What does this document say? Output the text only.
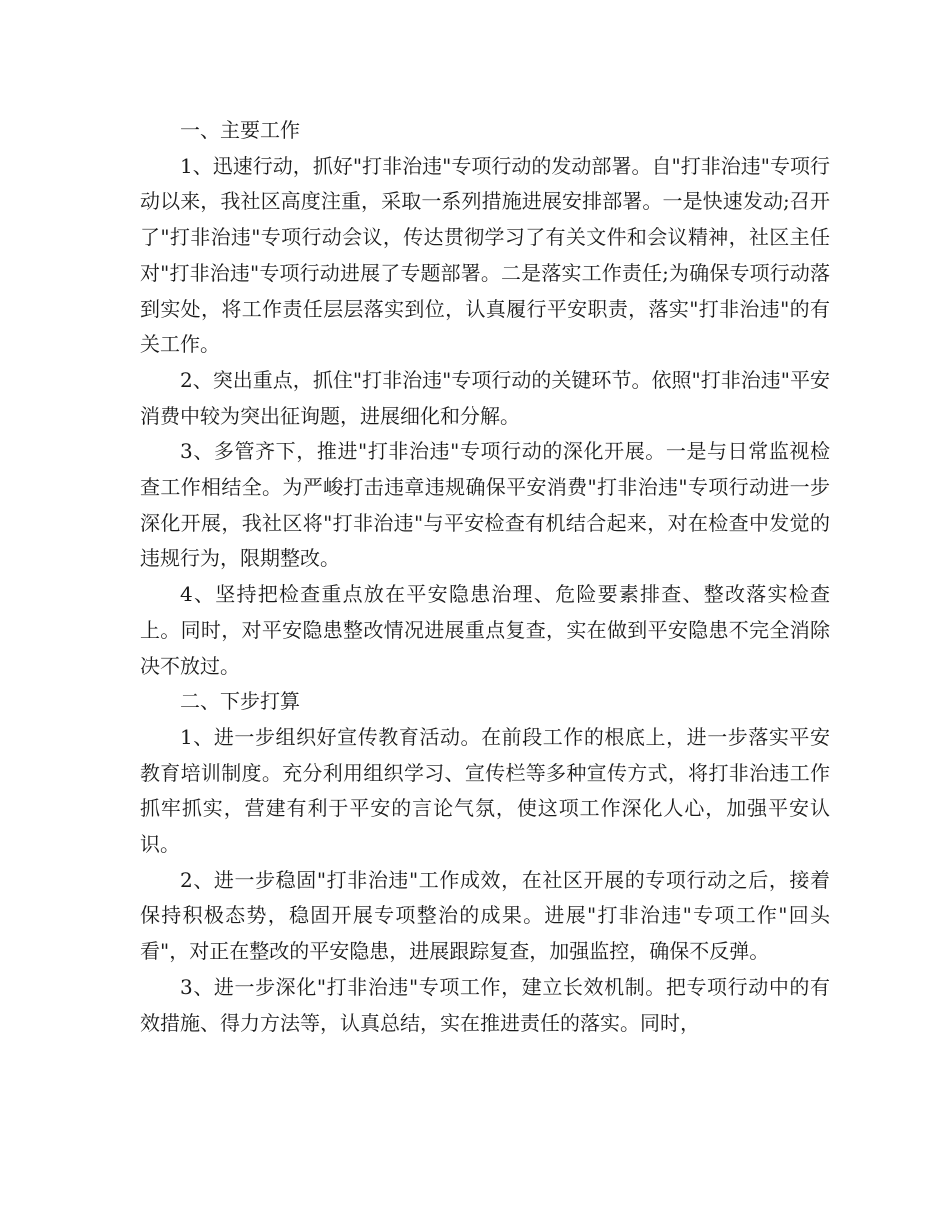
一、主要工作

1、迅速行动，抓好"打非治违"专项行动的发动部署。自"打非治违"专项行动以来，我社区高度注重，采取一系列措施进展安排部署。一是快速发动;召开了"打非治违"专项行动会议，传达贯彻学习了有关文件和会议精神，社区主任对"打非治违"专项行动进展了专题部署。二是落实工作责任;为确保专项行动落到实处，将工作责任层层落实到位，认真履行平安职责，落实"打非治违"的有关工作。

2、突出重点，抓住"打非治违"专项行动的关键环节。依照"打非治违"平安消费中较为突出征询题，进展细化和分解。

3、多管齐下，推进"打非治违"专项行动的深化开展。一是与日常监视检查工作相结全。为严峻打击违章违规确保平安消费"打非治违"专项行动进一步深化开展，我社区将"打非治违"与平安检查有机结合起来，对在检查中发觉的违规行为，限期整改。

4、坚持把检查重点放在平安隐患治理、危险要素排查、整改落实检查上。同时，对平安隐患整改情况进展重点复查，实在做到平安隐患不完全消除决不放过。

二、下步打算

1、进一步组织好宣传教育活动。在前段工作的根底上，进一步落实平安教育培训制度。充分利用组织学习、宣传栏等多种宣传方式，将打非治违工作抓牢抓实，营建有利于平安的言论气氛，使这项工作深化人心，加强平安认识。

2、进一步稳固"打非治违"工作成效，在社区开展的专项行动之后，接着保持积极态势，稳固开展专项整治的成果。进展"打非治违"专项工作"回头看"，对正在整改的平安隐患，进展跟踪复查，加强监控，确保不反弹。

3、进一步深化"打非治违"专项工作，建立长效机制。把专项行动中的有效措施、得力方法等，认真总结，实在推进责任的落实。同时，
